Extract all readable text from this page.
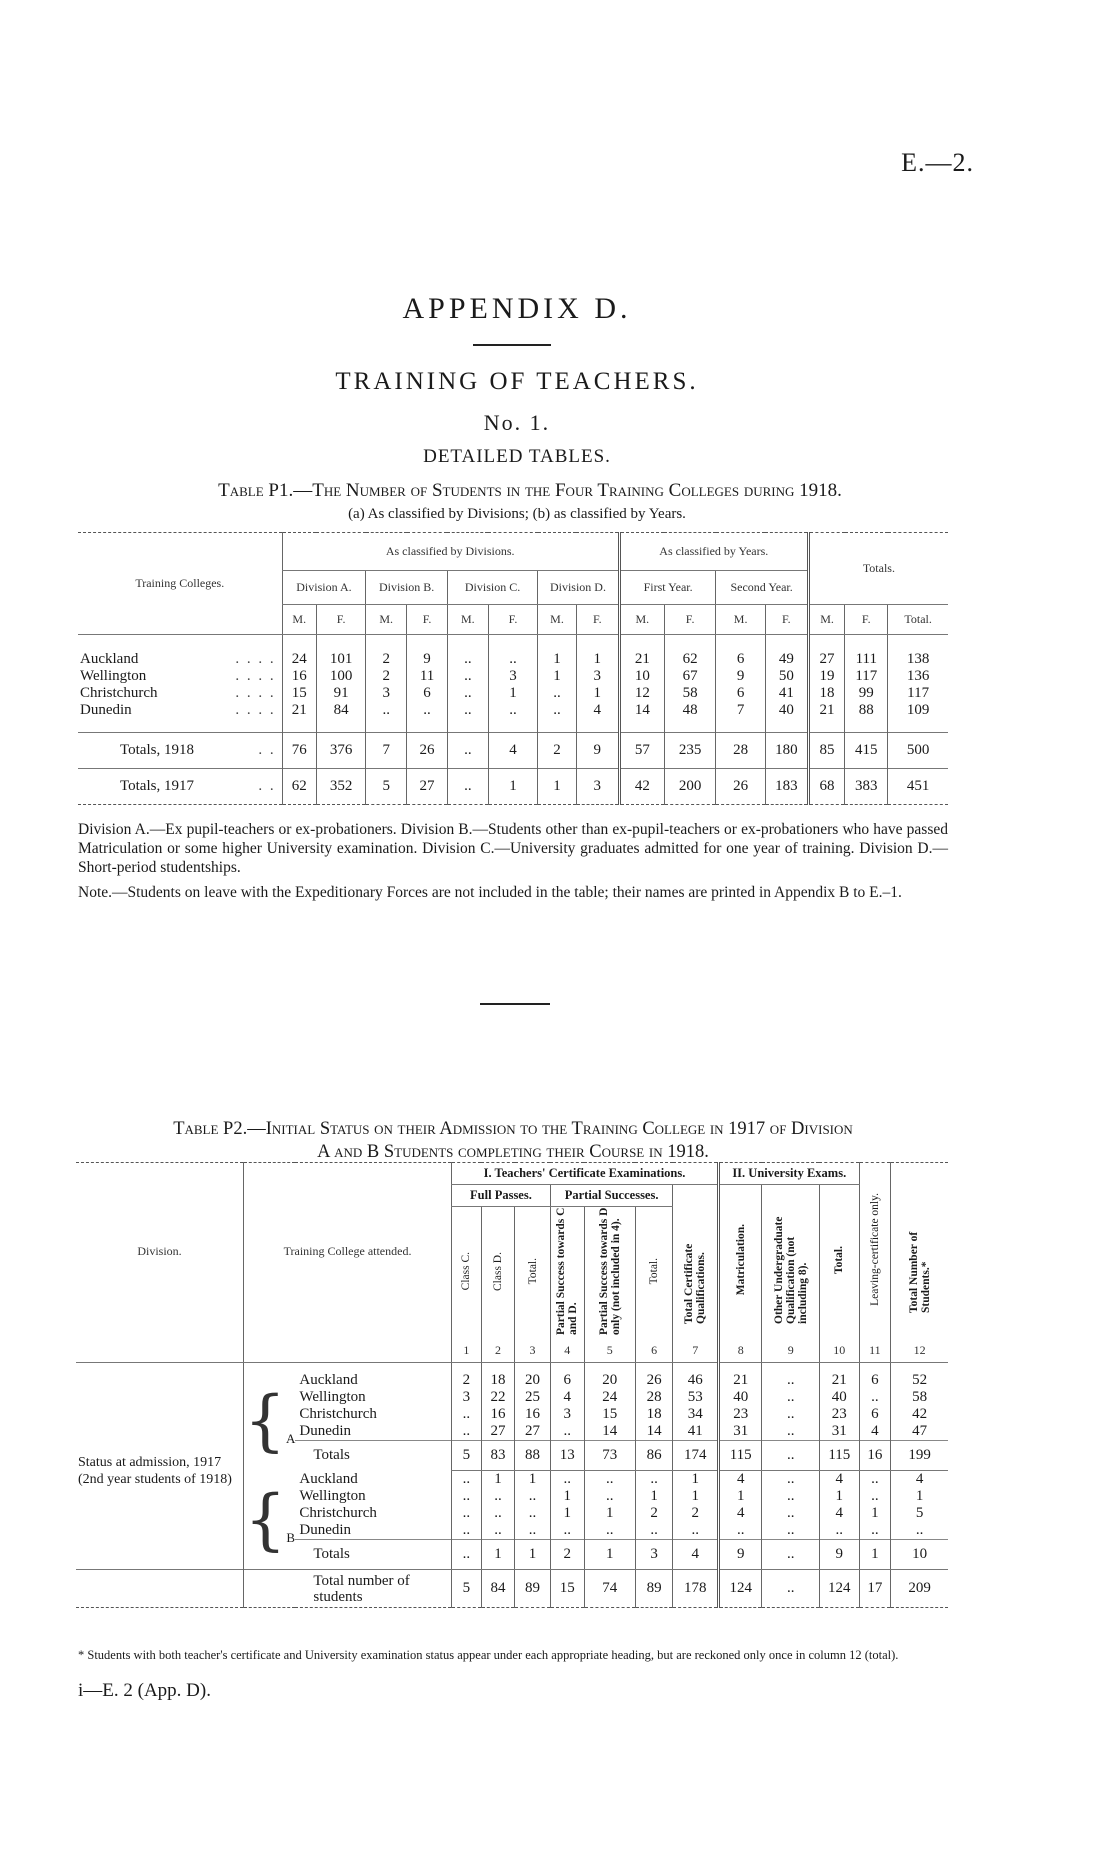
E.—2.
APPENDIX D.
TRAINING OF TEACHERS.
No. 1.
DETAILED TABLES.
Table P1.—The Number of Students in the Four Training Colleges during 1918.
(a) As classified by Divisions; (b) as classified by Years.
Training Colleges.	As classified by Divisions.								As classified by Years.				Totals.		
	Division A.		Division B.		Division C.		Division D.		First Year.		Second Year.				
	M.	F.	M.	F.	M.	F.	M.	F.	M.	F.	M.	F.	M.	F.	Total.

Auckland . . . .	24	101	2	9	..	..	1	1	21	62	6	49	27	111	138
Wellington . . . .	16	100	2	11	..	3	1	3	10	67	9	50	19	117	136
Christchurch . . . .	15	91	3	6	..	1	..	1	12	58	6	41	18	99	117
Dunedin . . . .	21	84	..	..	..	..	..	4	14	48	7	40	21	88	109

Totals, 1918 . .	76	376	7	26	..	4	2	9	57	235	28	180	85	415	500
Totals, 1917 . .	62	352	5	27	..	1	1	3	42	200	26	183	68	383	451

Division A.—Ex pupil-teachers or ex-probationers. Division B.—Students other than ex-pupil-teachers or ex-probationers who have passed Matriculation or some higher University examination. Division C.—University graduates admitted for one year of training. Division D.—Short-period studentships.

Note.—Students on leave with the Expeditionary Forces are not included in the table; their names are printed in Appendix B to E.–1.

Table P2.—Initial Status on their Admission to the Training College in 1917 of Division
A and B Students completing their Course in 1918.
Division.	Training College attended.		I. Teachers' Certificate Examinations.							II. University Exams.			Leaving-certificate only.	Total Number of Students.*
			Full Passes.			Partial Successes.			Total Certificate Qualifications.	Matriculation.	Other Undergraduate Qualification (not including 8).	Total.		
			Class C.	Class D.	Total.	Partial Success towards C and D.	Partial Success towards D only (not included in 4).	Total.						
			1	2	3	4	5	6	7	8	9	10	11	12

Status at admission, 1917 (2nd year students of 1918)	{A	Auckland	2	18	20	6	20	26	46	21	..	21	6	52
		Wellington	3	22	25	4	24	28	53	40	..	40	..	58
		Christchurch	..	16	16	3	15	18	34	23	..	23	6	42
		Dunedin	..	27	27	..	14	14	41	31	..	31	4	47
		Totals	5	83	88	13	73	86	174	115	..	115	16	199
	{B	Auckland	..	1	1	..	..	..	1	4	..	4	..	4
		Wellington	..	..	..	1	..	1	1	1	..	1	..	1
		Christchurch	..	..	..	1	1	2	2	4	..	4	1	5
		Dunedin	..	..	..	..	..	..	..	..	..	..	..	..
		Totals	..	1	1	2	1	3	4	9	..	9	1	10
		Total number of students	5	84	89	15	74	89	178	124	..	124	17	209
* Students with both teacher's certificate and University examination status appear under each appropriate heading, but are reckoned only once in column 12 (total).
i—E. 2 (App. D).
